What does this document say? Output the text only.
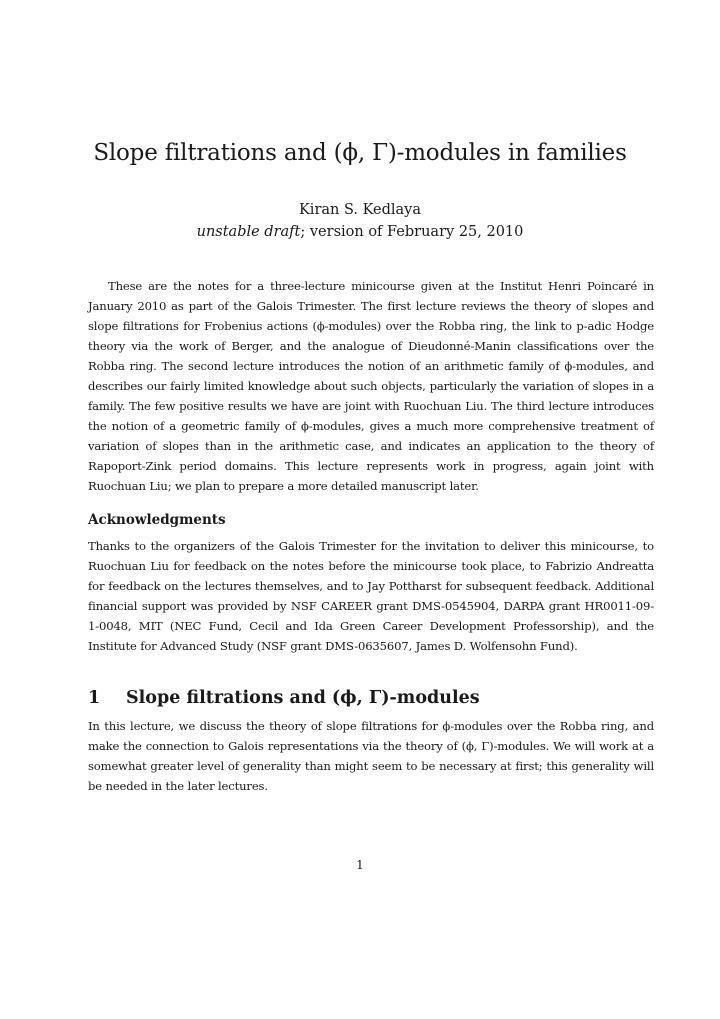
Slope filtrations and (ϕ, Γ)-modules in families
Kiran S. Kedlaya
unstable draft; version of February 25, 2010

These are the notes for a three-lecture minicourse given at the Institut Henri Poincaré in January 2010 as part of the Galois Trimester. The first lecture reviews the theory of slopes and slope filtrations for Frobenius actions (ϕ-modules) over the Robba ring, the link to p-adic Hodge theory via the work of Berger, and the analogue of Dieudonné-Manin classifications over the Robba ring. The second lecture introduces the notion of an arithmetic family of ϕ-modules, and describes our fairly limited knowledge about such objects, particularly the variation of slopes in a family. The few positive results we have are joint with Ruochuan Liu. The third lecture introduces the notion of a geometric family of ϕ-modules, gives a much more comprehensive treatment of variation of slopes than in the arithmetic case, and indicates an application to the theory of Rapoport-Zink period domains. This lecture represents work in progress, again joint with Ruochuan Liu; we plan to prepare a more detailed manuscript later.

Acknowledgments

Thanks to the organizers of the Galois Trimester for the invitation to deliver this minicourse, to Ruochuan Liu for feedback on the notes before the minicourse took place, to Fabrizio Andreatta for feedback on the lectures themselves, and to Jay Pottharst for subsequent feedback. Additional financial support was provided by NSF CAREER grant DMS-0545904, DARPA grant HR0011-09-1-0048, MIT (NEC Fund, Cecil and Ida Green Career Development Professorship), and the Institute for Advanced Study (NSF grant DMS-0635607, James D. Wolfensohn Fund).

1 Slope filtrations and (ϕ, Γ)-modules

In this lecture, we discuss the theory of slope filtrations for ϕ-modules over the Robba ring, and make the connection to Galois representations via the theory of (ϕ, Γ)-modules. We will work at a somewhat greater level of generality than might seem to be necessary at first; this generality will be needed in the later lectures.

1
